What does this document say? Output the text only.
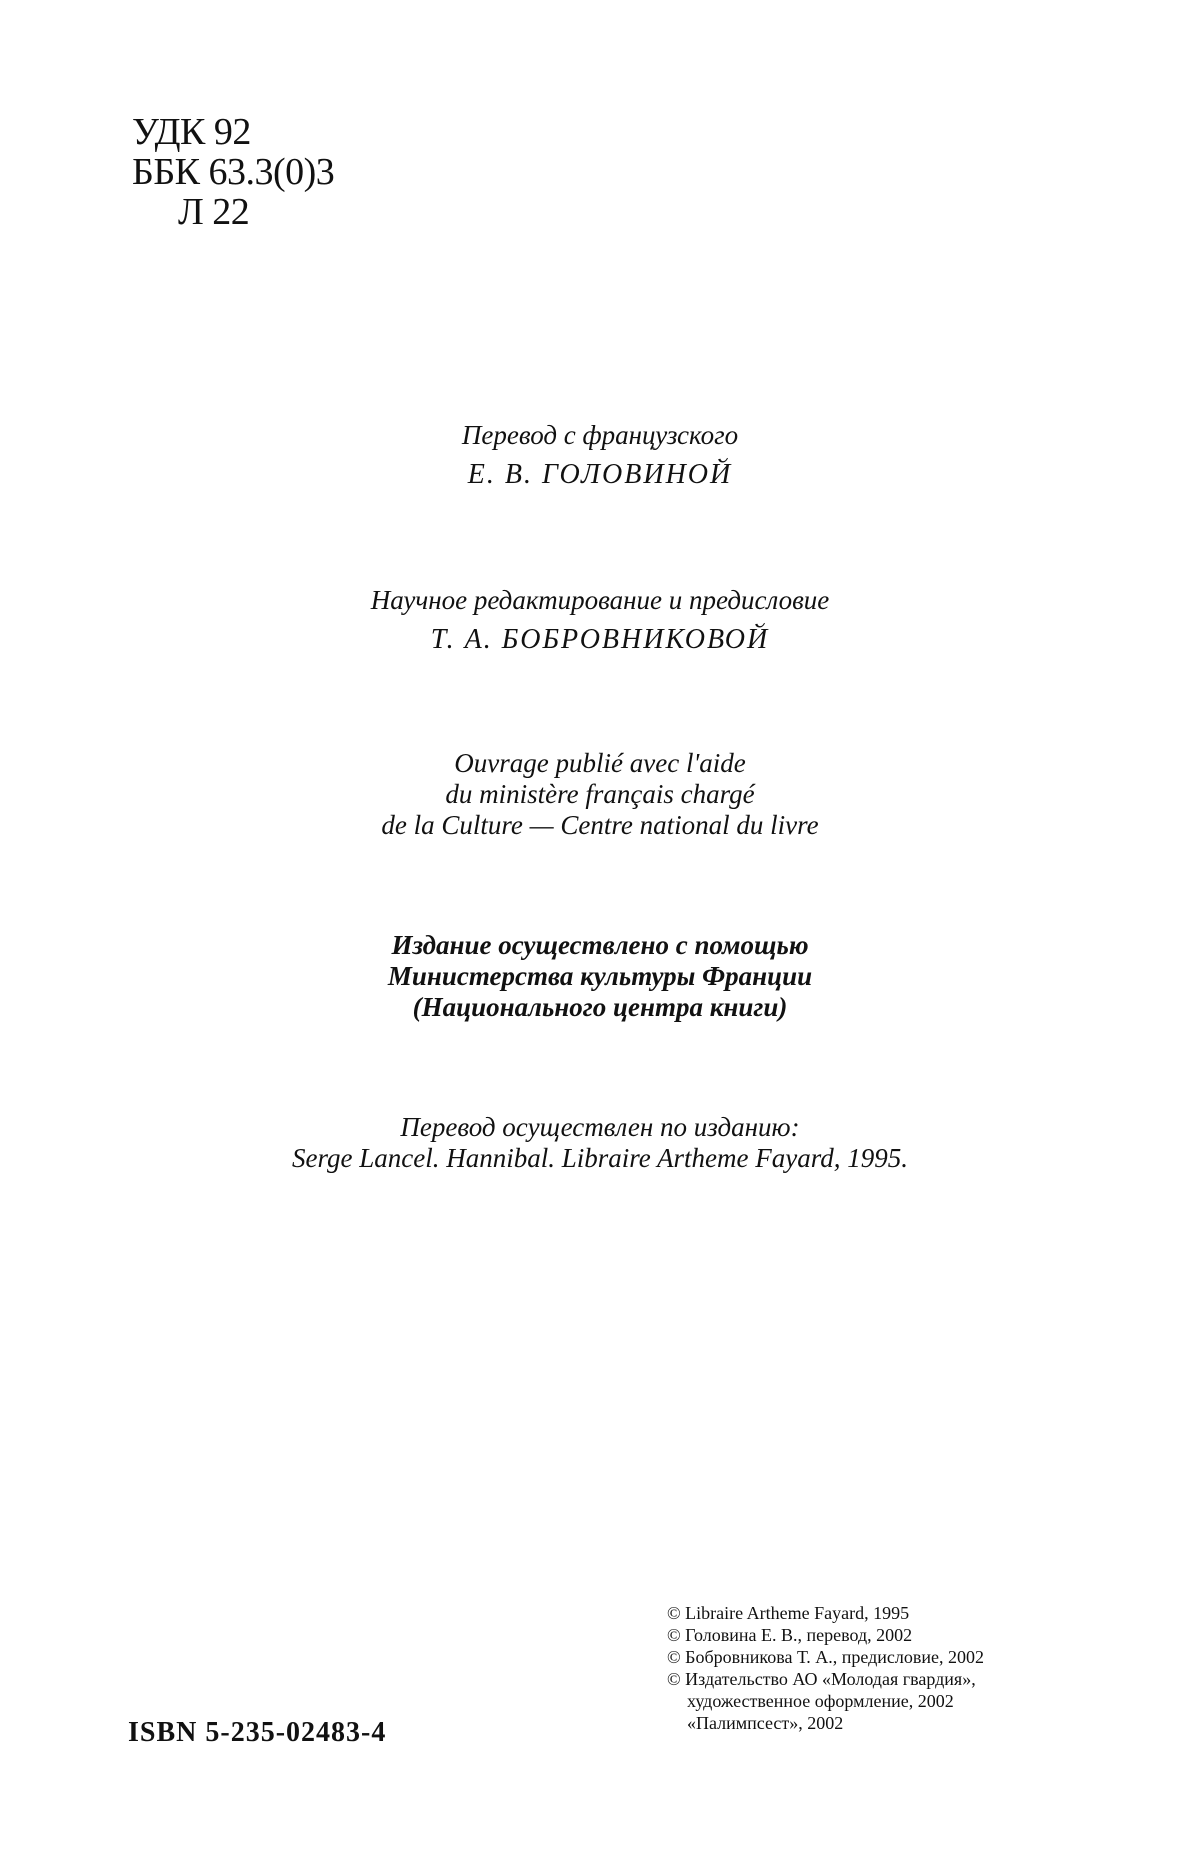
УДК 92
ББК 63.3(0)3
Л 22
Перевод с французского
Е. В. ГОЛОВИНОЙ
Научное редактирование и предисловие
Т. А. БОБРОВНИКОВОЙ
Ouvrage publié avec l'aide
du ministère français chargé
de la Culture — Centre national du livre
Издание осуществлено с помощью
Министерства культуры Франции
(Национального центра книги)
Перевод осуществлен по изданию:
Serge Lancel. Hannibal. Libraire Artheme Fayard, 1995.
ISBN 5-235-02483-4
© Libraire Artheme Fayard, 1995
© Головина Е. В., перевод, 2002
© Бобровникова Т. А., предисловие, 2002
© Издательство АО «Молодая гвардия»,
художественное оформление, 2002
«Палимпсест», 2002
